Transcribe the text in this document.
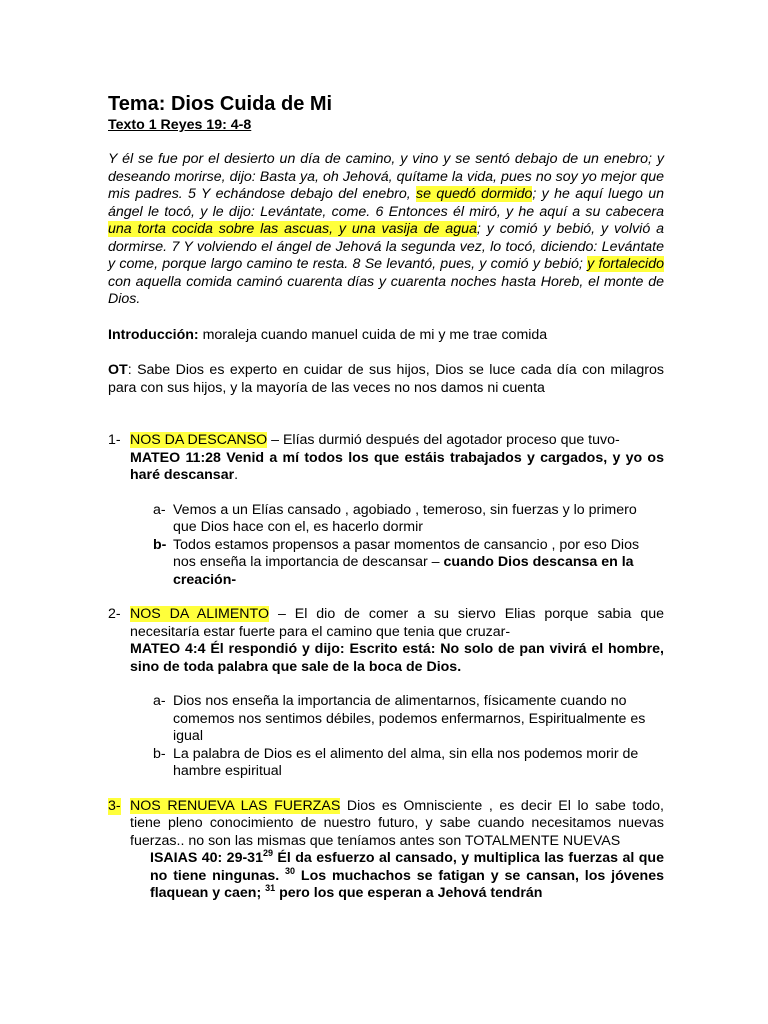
Tema: Dios Cuida de Mi

Texto 1 Reyes 19: 4-8

Y él se fue por el desierto un día de camino, y vino y se sentó debajo de un enebro; y deseando morirse, dijo: Basta ya, oh Jehová, quítame la vida, pues no soy yo mejor que mis padres. 5 Y echándose debajo del enebro, se quedó dormido; y he aquí luego un ángel le tocó, y le dijo: Levántate, come. 6 Entonces él miró, y he aquí a su cabecera una torta cocida sobre las ascuas, y una vasija de agua; y comió y bebió, y volvió a dormirse. 7 Y volviendo el ángel de Jehová la segunda vez, lo tocó, diciendo: Levántate y come, porque largo camino te resta. 8 Se levantó, pues, y comió y bebió; y fortalecido con aquella comida caminó cuarenta días y cuarenta noches hasta Horeb, el monte de Dios.

Introducción: moraleja cuando manuel cuida de mi y me trae comida

OT: Sabe Dios es experto en cuidar de sus hijos, Dios se luce cada día con milagros para con sus hijos, y la mayoría de las veces no nos damos ni cuenta

1- NOS DA DESCANSO – Elías durmió después del agotador proceso que tuvo-
MATEO 11:28 Venid a mí todos los que estáis trabajados y cargados, y yo os haré descansar.
a- Vemos a un Elías cansado , agobiado , temeroso, sin fuerzas y lo primero que Dios hace con el, es hacerlo dormir
b- Todos estamos propensos a pasar momentos de cansancio , por eso Dios nos enseña la importancia de descansar – cuando Dios descansa en la creación-
2- NOS DA ALIMENTO – El dio de comer a su siervo Elias porque sabia que necesitaría estar fuerte para el camino que tenia que cruzar-
MATEO 4:4 Él respondió y dijo: Escrito está: No solo de pan vivirá el hombre, sino de toda palabra que sale de la boca de Dios.
a- Dios nos enseña la importancia de alimentarnos, físicamente cuando no comemos nos sentimos débiles, podemos enfermarnos, Espiritualmente es igual
b- La palabra de Dios es el alimento del alma, sin ella nos podemos morir de hambre espiritual
3- NOS RENUEVA LAS FUERZAS Dios es Omnisciente , es decir El lo sabe todo, tiene pleno conocimiento de nuestro futuro, y sabe cuando necesitamos nuevas fuerzas.. no son las mismas que teníamos antes son TOTALMENTE NUEVAS
ISAIAS 40: $29-31^{29}$ Él da esfuerzo al cansado, y multiplica las fuerzas al que no tiene ningunas. $^{30}$ Los muchachos se fatigan y se cansan, los jóvenes flaquean y caen; $^{31}$ pero los que esperan a Jehová tendrán
